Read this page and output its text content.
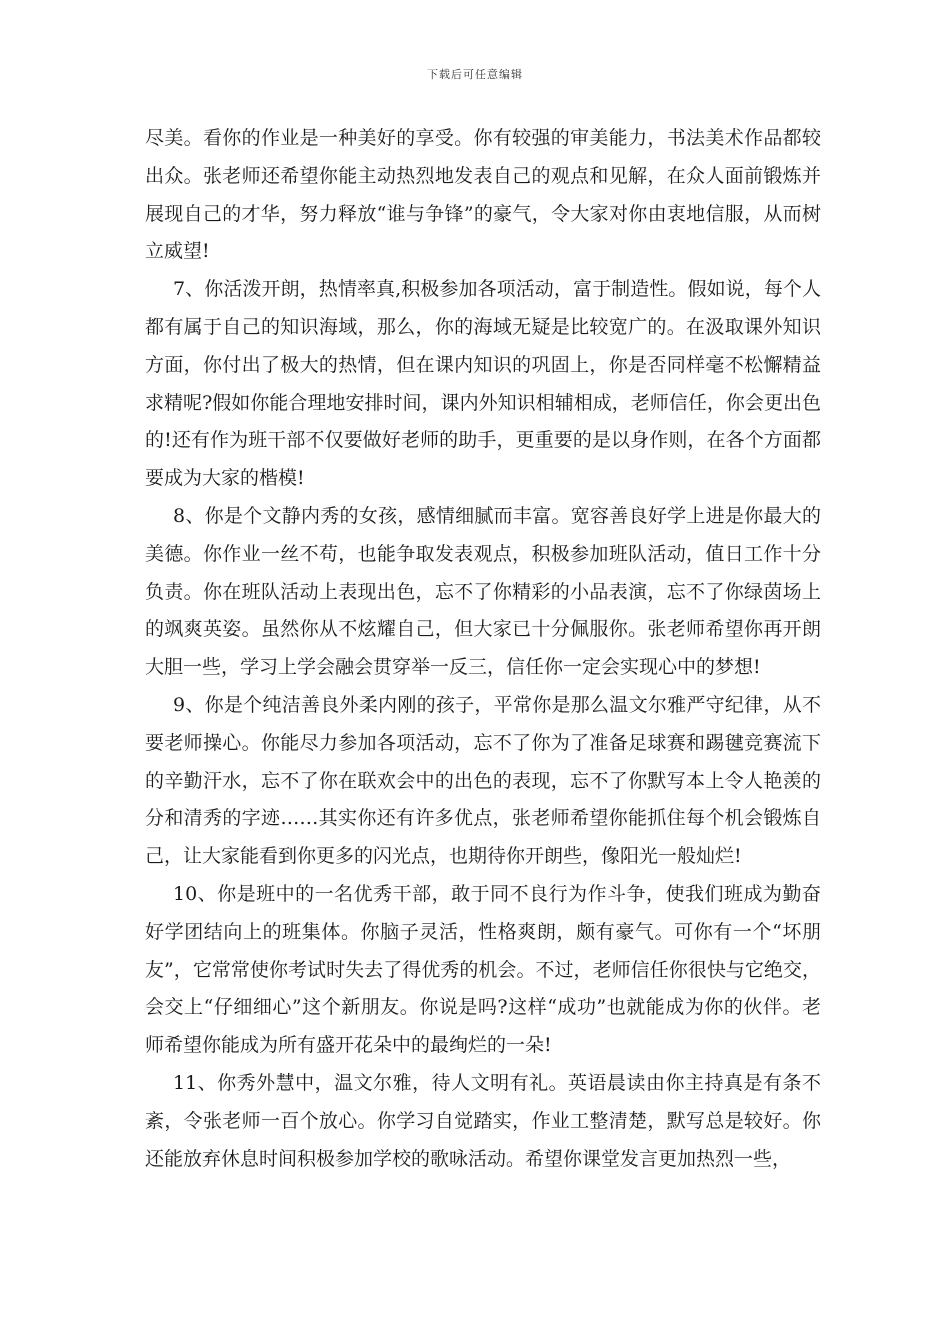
下载后可任意编辑

尽美。看你的作业是一种美好的享受。你有较强的审美能力，书法美术作品都较出众。张老师还希望你能主动热烈地发表自己的观点和见解，在众人面前锻炼并展现自己的才华，努力释放“谁与争锋”的豪气，令大家对你由衷地信服，从而树立威望!

7、你活泼开朗，热情率真,积极参加各项活动，富于制造性。假如说，每个人都有属于自己的知识海域，那么，你的海域无疑是比较宽广的。在汲取课外知识方面，你付出了极大的热情，但在课内知识的巩固上，你是否同样毫不松懈精益求精呢?假如你能合理地安排时间，课内外知识相辅相成，老师信任，你会更出色的!还有作为班干部不仅要做好老师的助手，更重要的是以身作则，在各个方面都要成为大家的楷模!

8、你是个文静内秀的女孩，感情细腻而丰富。宽容善良好学上进是你最大的美德。你作业一丝不苟，也能争取发表观点，积极参加班队活动，值日工作十分负责。你在班队活动上表现出色，忘不了你精彩的小品表演，忘不了你绿茵场上的飒爽英姿。虽然你从不炫耀自己，但大家已十分佩服你。张老师希望你再开朗大胆一些，学习上学会融会贯穿举一反三，信任你一定会实现心中的梦想!

9、你是个纯洁善良外柔内刚的孩子，平常你是那么温文尔雅严守纪律，从不要老师操心。你能尽力参加各项活动，忘不了你为了准备足球赛和踢毽竞赛流下的辛勤汗水，忘不了你在联欢会中的出色的表现，忘不了你默写本上令人艳羡的分和清秀的字迹……其实你还有许多优点，张老师希望你能抓住每个机会锻炼自己，让大家能看到你更多的闪光点，也期待你开朗些，像阳光一般灿烂!

10、你是班中的一名优秀干部，敢于同不良行为作斗争，使我们班成为勤奋好学团结向上的班集体。你脑子灵活，性格爽朗，颇有豪气。可你有一个“坏朋友”，它常常使你考试时失去了得优秀的机会。不过，老师信任你很快与它绝交，会交上“仔细细心”这个新朋友。你说是吗?这样“成功”也就能成为你的伙伴。老师希望你能成为所有盛开花朵中的最绚烂的一朵!

11、你秀外慧中，温文尔雅，待人文明有礼。英语晨读由你主持真是有条不紊，令张老师一百个放心。你学习自觉踏实，作业工整清楚，默写总是较好。你还能放弃休息时间积极参加学校的歌咏活动。希望你课堂发言更加热烈一些，
